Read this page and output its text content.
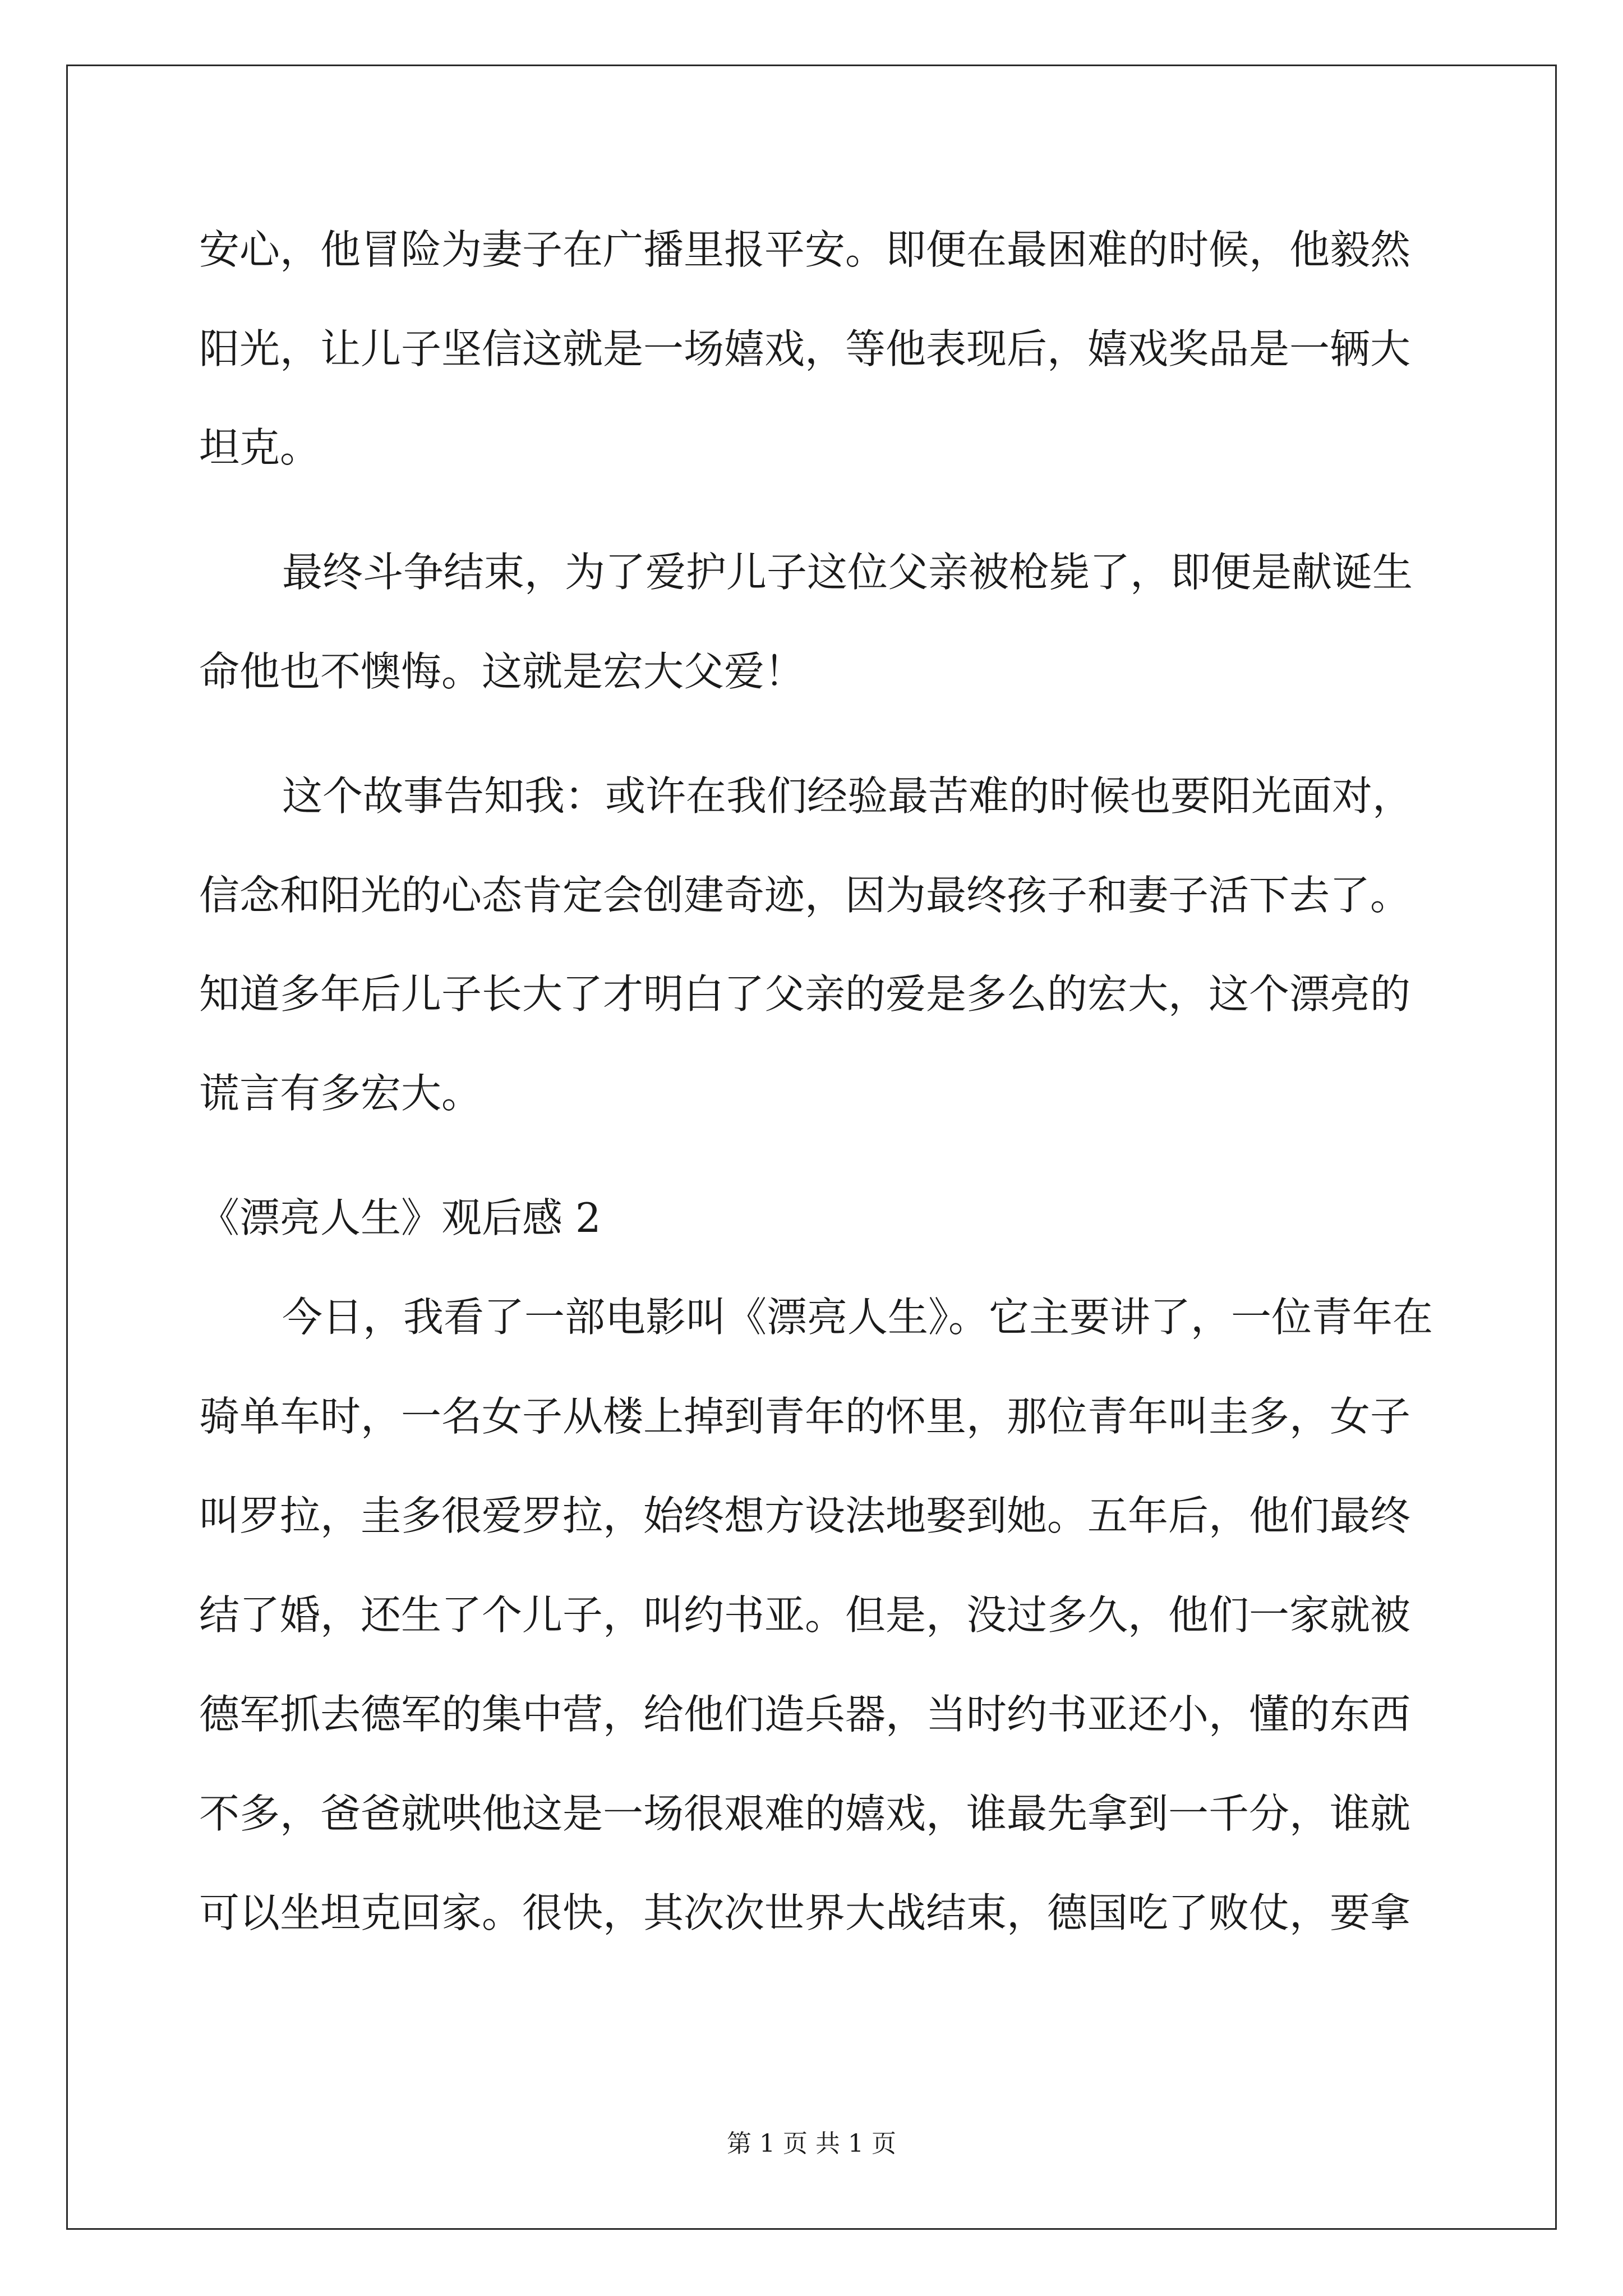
安心，他冒险为妻子在广播里报平安。即便在最困难的时候，他毅然
阳光，让儿子坚信这就是一场嬉戏，等他表现后，嬉戏奖品是一辆大
坦克。
最终斗争结束，为了爱护儿子这位父亲被枪毙了，即便是献诞生
命他也不懊悔。这就是宏大父爱！
这个故事告知我：或许在我们经验最苦难的时候也要阳光面对，
信念和阳光的心态肯定会创建奇迹，因为最终孩子和妻子活下去了。
知道多年后儿子长大了才明白了父亲的爱是多么的宏大，这个漂亮的
谎言有多宏大。
《漂亮人生》观后感 2
今日，我看了一部电影叫《漂亮人生》。它主要讲了，一位青年在
骑单车时，一名女子从楼上掉到青年的怀里，那位青年叫圭多，女子
叫罗拉，圭多很爱罗拉，始终想方设法地娶到她。五年后，他们最终
结了婚，还生了个儿子，叫约书亚。但是，没过多久，他们一家就被
德军抓去德军的集中营，给他们造兵器，当时约书亚还小，懂的东西
不多，爸爸就哄他这是一场很艰难的嬉戏，谁最先拿到一千分，谁就
可以坐坦克回家。很快，其次次世界大战结束，德国吃了败仗，要拿
第 1 页 共 1 页
